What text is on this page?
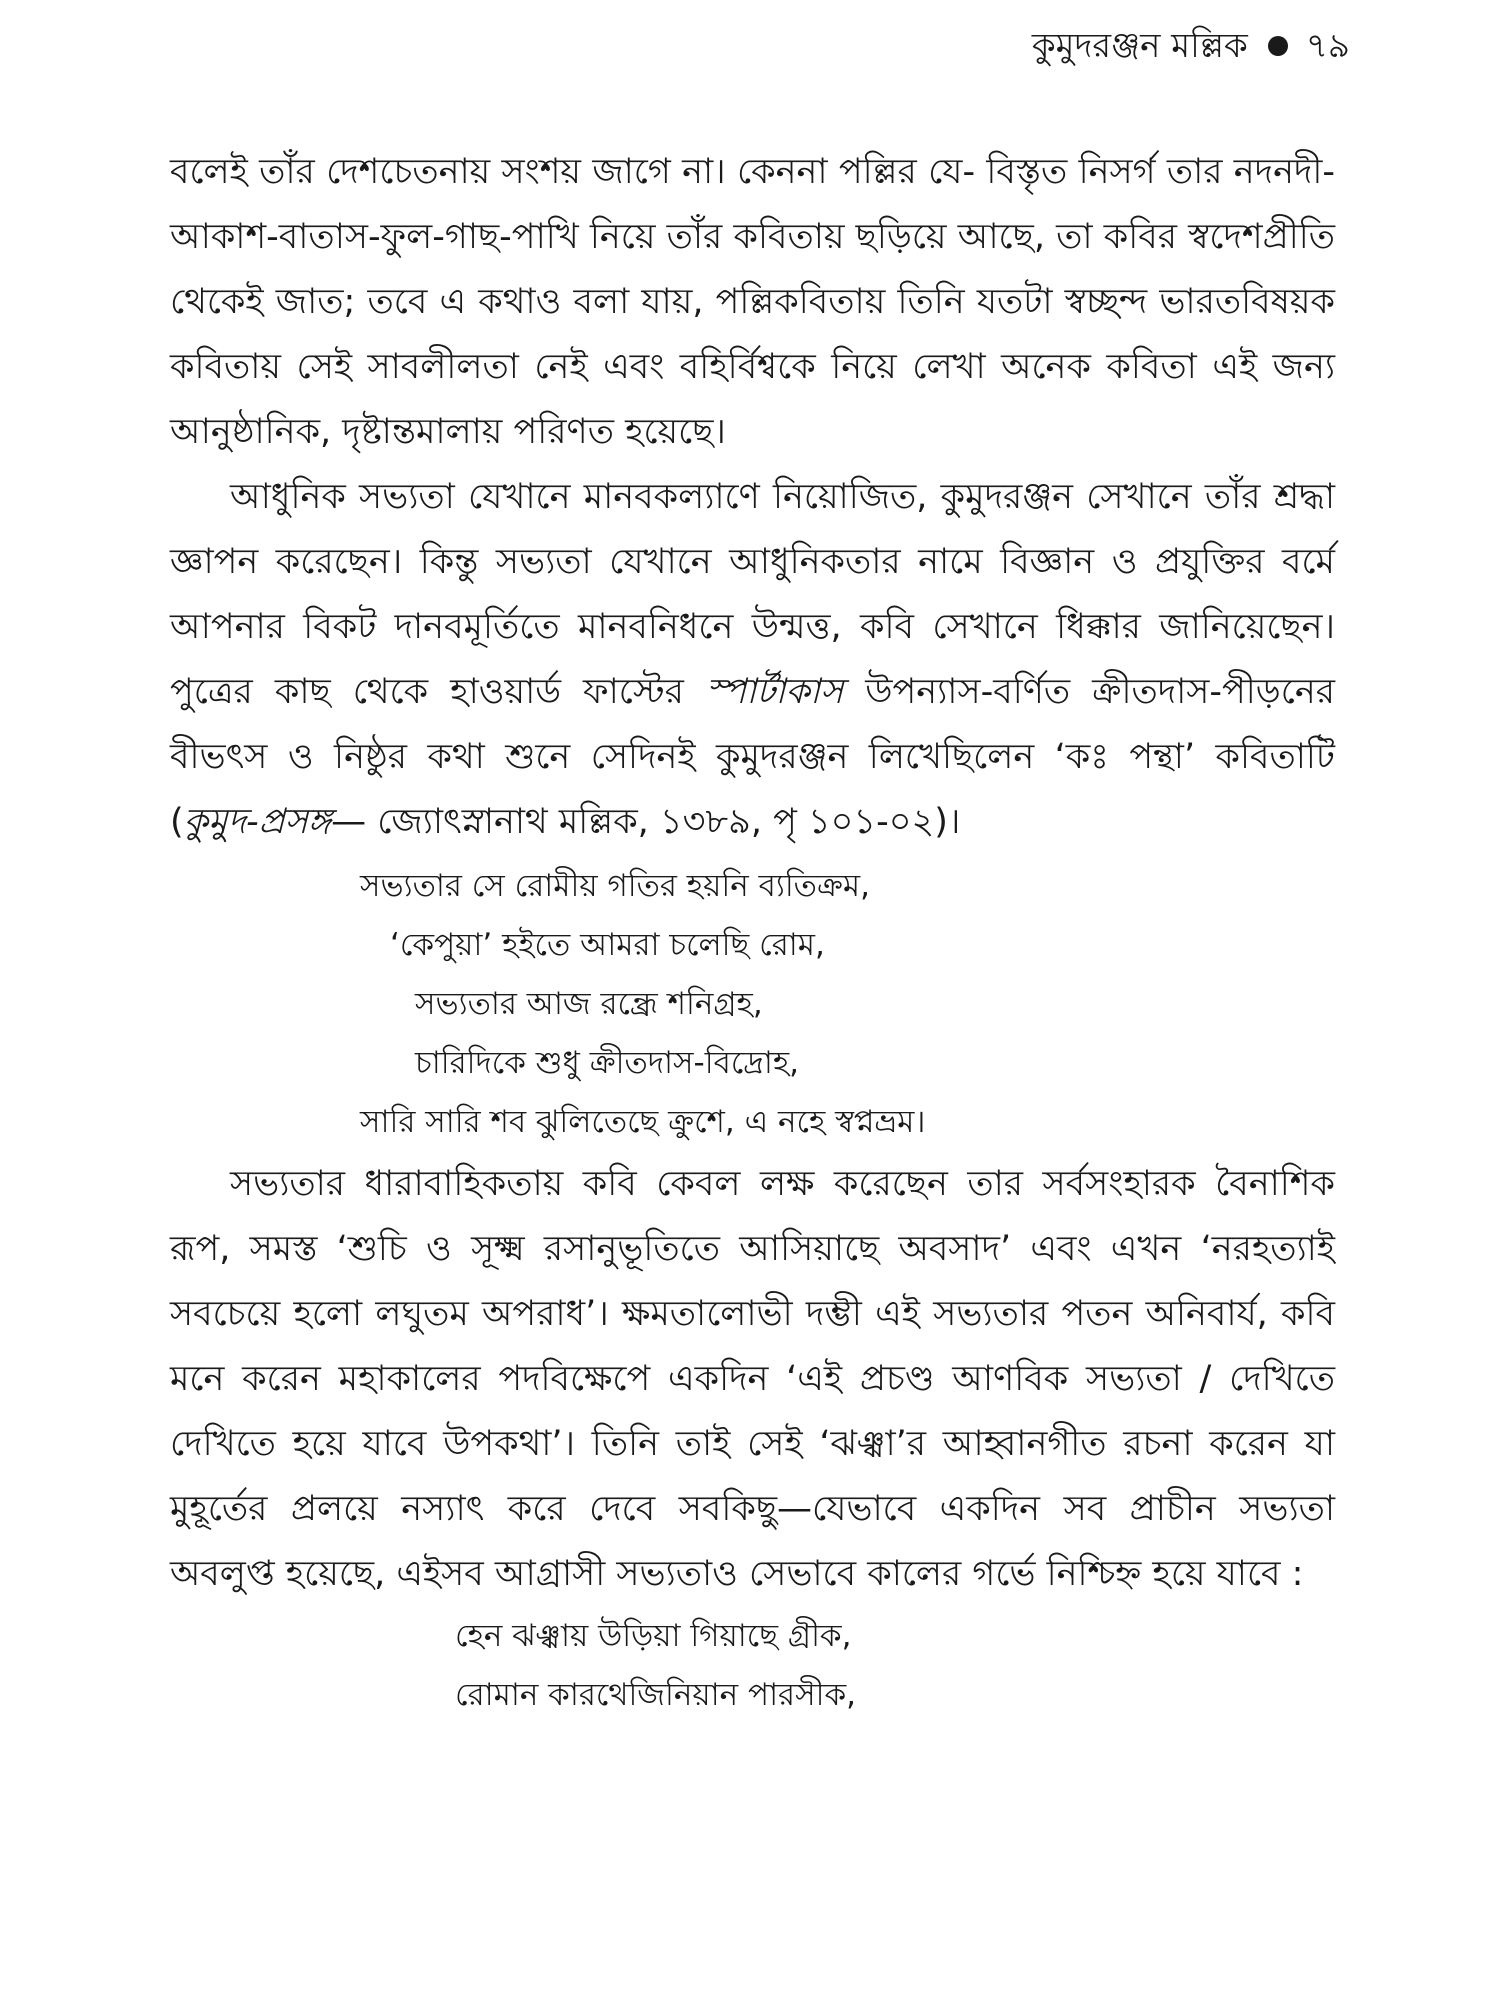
কুমুদরঞ্জন মল্লিক ৭৯

বলেই তাঁর দেশচেতনায় সংশয় জাগে না। কেননা পল্লির যে- বিস্তৃত নিসর্গ তার নদনদী-আকাশ-বাতাস-ফুল-গাছ-পাখি নিয়ে তাঁর কবিতায় ছড়িয়ে আছে, তা কবির স্বদেশপ্রীতি থেকেই জাত; তবে এ কথাও বলা যায়, পল্লিকবিতায় তিনি যতটা স্বচ্ছন্দ ভারতবিষয়ক কবিতায় সেই সাবলীলতা নেই এবং বহির্বিশ্বকে নিয়ে লেখা অনেক কবিতা এই জন্য আনুষ্ঠানিক, দৃষ্টান্তমালায় পরিণত হয়েছে।

আধুনিক সভ্যতা যেখানে মানবকল্যাণে নিয়োজিত, কুমুদরঞ্জন সেখানে তাঁর শ্রদ্ধা জ্ঞাপন করেছেন। কিন্তু সভ্যতা যেখানে আধুনিকতার নামে বিজ্ঞান ও প্রযুক্তির বর্মে আপনার বিকট দানবমূর্তিতে মানবনিধনে উন্মত্ত, কবি সেখানে ধিক্কার জানিয়েছেন। পুত্রের কাছ থেকে হাওয়ার্ড ফাস্টের স্পার্টাকাস উপন্যাস-বর্ণিত ক্রীতদাস-পীড়নের বীভৎস ও নিষ্ঠুর কথা শুনে সেদিনই কুমুদরঞ্জন লিখেছিলেন ‘কঃ পন্থা’ কবিতাটি (কুমুদ-প্রসঙ্গ— জ্যোৎস্নানাথ মল্লিক, ১৩৮৯, পৃ ১০১-০২)।

সভ্যতার সে রোমীয় গতির হয়নি ব্যতিক্রম,
‘কেপুয়া’ হইতে আমরা চলেছি রোম,
সভ্যতার আজ রন্ধ্রে শনিগ্রহ,
চারিদিকে শুধু ক্রীতদাস-বিদ্রোহ,
সারি সারি শব ঝুলিতেছে ক্রুশে, এ নহে স্বপ্নভ্রম।

সভ্যতার ধারাবাহিকতায় কবি কেবল লক্ষ করেছেন তার সর্বসংহারক বৈনাশিক রূপ, সমস্ত ‘শুচি ও সূক্ষ্ম রসানুভূতিতে আসিয়াছে অবসাদ’ এবং এখন ‘নরহত্যাই সবচেয়ে হলো লঘুতম অপরাধ’। ক্ষমতালোভী দম্ভী এই সভ্যতার পতন অনিবার্য, কবি মনে করেন মহাকালের পদবিক্ষেপে একদিন ‘এই প্রচণ্ড আণবিক সভ্যতা / দেখিতে দেখিতে হয়ে যাবে উপকথা’। তিনি তাই সেই ‘ঝঞ্ঝা’র আহ্বানগীত রচনা করেন যা মুহূর্তের প্রলয়ে নস্যাৎ করে দেবে সবকিছু—যেভাবে একদিন সব প্রাচীন সভ্যতা অবলুপ্ত হয়েছে, এইসব আগ্রাসী সভ্যতাও সেভাবে কালের গর্ভে নিশ্চিহ্ন হয়ে যাবে :

হেন ঝঞ্ঝায় উড়িয়া গিয়াছে গ্রীক,
রোমান কারথেজিনিয়ান পারসীক,
